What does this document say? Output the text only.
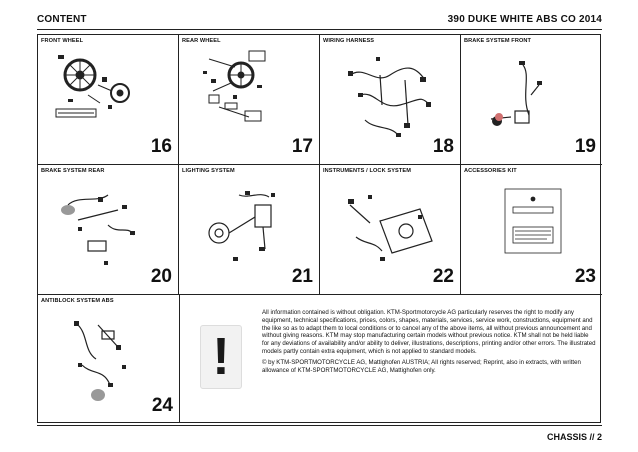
CONTENT	390 DUKE WHITE ABS CO 2014
FRONT WHEEL
16
REAR WHEEL
17
WIRING HARNESS
18
BRAKE SYSTEM FRONT
19
BRAKE SYSTEM REAR
20
LIGHTING SYSTEM
21
INSTRUMENTS / LOCK SYSTEM
22
ACCESSORIES KIT
23
ANTIBLOCK SYSTEM ABS
24
!

All information contained is without obligation. KTM-Sportmotorcycle AG particularly reserves the right to modify any equipment, technical specifications, prices, colors, shapes, materials, services, service work, constructions, equipment and the like so as to adapt them to local conditions or to cancel any of the above items, all without previous announcement and without giving reasons. KTM may stop manufacturing certain models without previous notice. KTM shall not be held liable for any deviations of availability and/or ability to deliver, illustrations, descriptions, printing and/or other errors. The illustrated models partly contain extra equipment, which is not applied to standard models.

© by KTM-SPORTMOTORCYCLE AG, Mattighofen AUSTRIA; All rights reserved; Reprint, also in extracts, with written allowance of KTM-SPORTMOTORCYCLE AG, Mattighofen only.

CHASSIS // 2
